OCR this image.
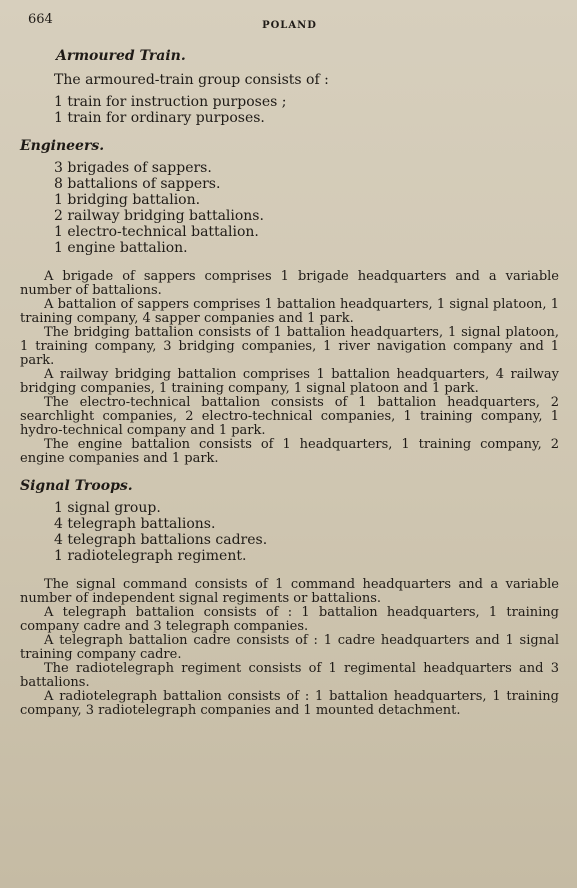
664	POLAND
Armoured Train.

The armoured-train group consists of :

1 train for instruction purposes ;
1 train for ordinary purposes.
Engineers.
3 brigades of sappers.
8 battalions of sappers.
1 bridging battalion.
2 railway bridging battalions.
1 electro-technical battalion.
1 engine battalion.

A brigade of sappers comprises 1 brigade headquarters and a variable number of battalions.

A battalion of sappers comprises 1 battalion headquarters, 1 signal platoon, 1 training company, 4 sapper companies and 1 park.

The bridging battalion consists of 1 battalion headquarters, 1 signal platoon, 1 training company, 3 bridging companies, 1 river navigation company and 1 park.

A railway bridging battalion comprises 1 battalion headquarters, 4 railway bridging companies, 1 training company, 1 signal platoon and 1 park.

The electro-technical battalion consists of 1 battalion headquarters, 2 searchlight companies, 2 electro-technical companies, 1 training company, 1 hydro-technical company and 1 park.

The engine battalion consists of 1 headquarters, 1 training company, 2 engine companies and 1 park.

Signal Troops.
1 signal group.
4 telegraph battalions.
4 telegraph battalions cadres.
1 radiotelegraph regiment.

The signal command consists of 1 command headquarters and a variable number of independent signal regiments or battalions.

A telegraph battalion consists of : 1 battalion headquarters, 1 training company cadre and 3 telegraph companies.

A telegraph battalion cadre consists of : 1 cadre headquarters and 1 signal training company cadre.

The radiotelegraph regiment consists of 1 regimental headquarters and 3 battalions.

A radiotelegraph battalion consists of : 1 battalion headquarters, 1 training company, 3 radiotelegraph companies and 1 mounted detachment.
